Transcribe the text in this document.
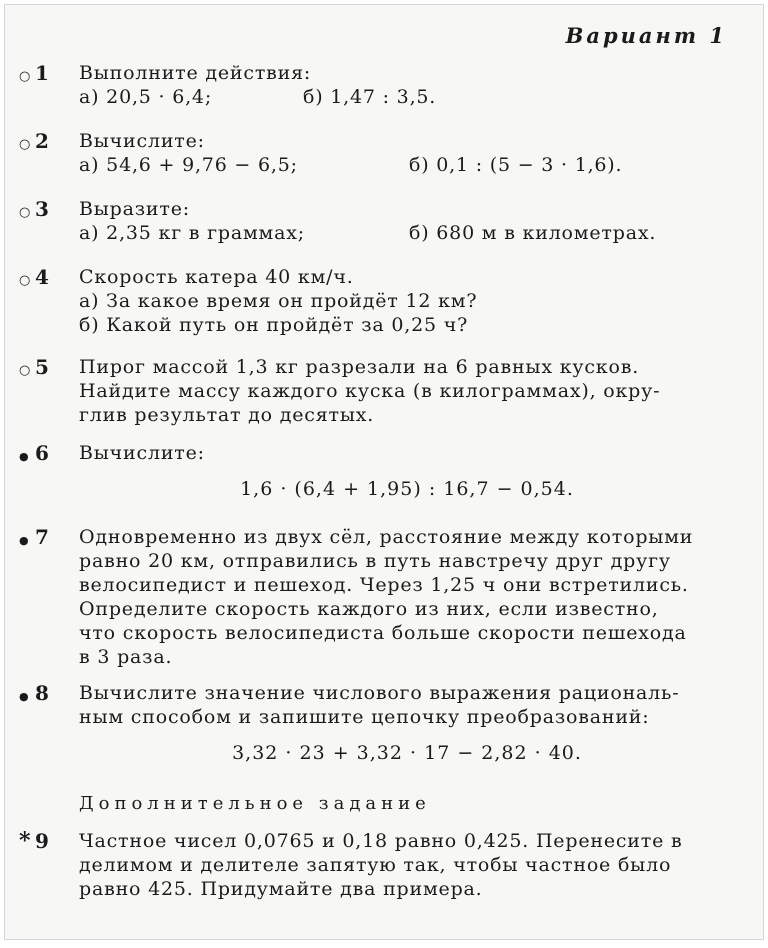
Вариант 1
○1	Выполните действия:
а) 20,5 · 6,4;	б) 1,47 : 3,5.
○2	Вычислите:
а) 54,6 + 9,76 − 6,5;	б) 0,1 : (5 − 3 · 1,6).
○3	Выразите:
а) 2,35 кг в граммах;	б) 680 м в километрах.
○4	Скорость катера 40 км/ч.
а) За какое время он пройдёт 12 км?
б) Какой путь он пройдёт за 0,25 ч?
○5	Пирог массой 1,3 кг разрезали на 6 равных кусков.
Найдите массу каждого куска (в килограммах), окру-
глив результат до десятых.
●6	Вычислите:
1,6 · (6,4 + 1,95) : 16,7 − 0,54.
●7	Одновременно из двух сёл, расстояние между которыми
равно 20 км, отправились в путь навстречу друг другу
велосипедист и пешеход. Через 1,25 ч они встретились.
Определите скорость каждого из них, если известно,
что скорость велосипедиста больше скорости пешехода
в 3 раза.
●8	Вычислите значение числового выражения рациональ-
ным способом и запишите цепочку преобразований:
3,32 · 23 + 3,32 · 17 − 2,82 · 40.
Дополнительное задание
*9	Частное чисел 0,0765 и 0,18 равно 0,425. Перенесите в
делимом и делителе запятую так, чтобы частное было
равно 425. Придумайте два примера.
